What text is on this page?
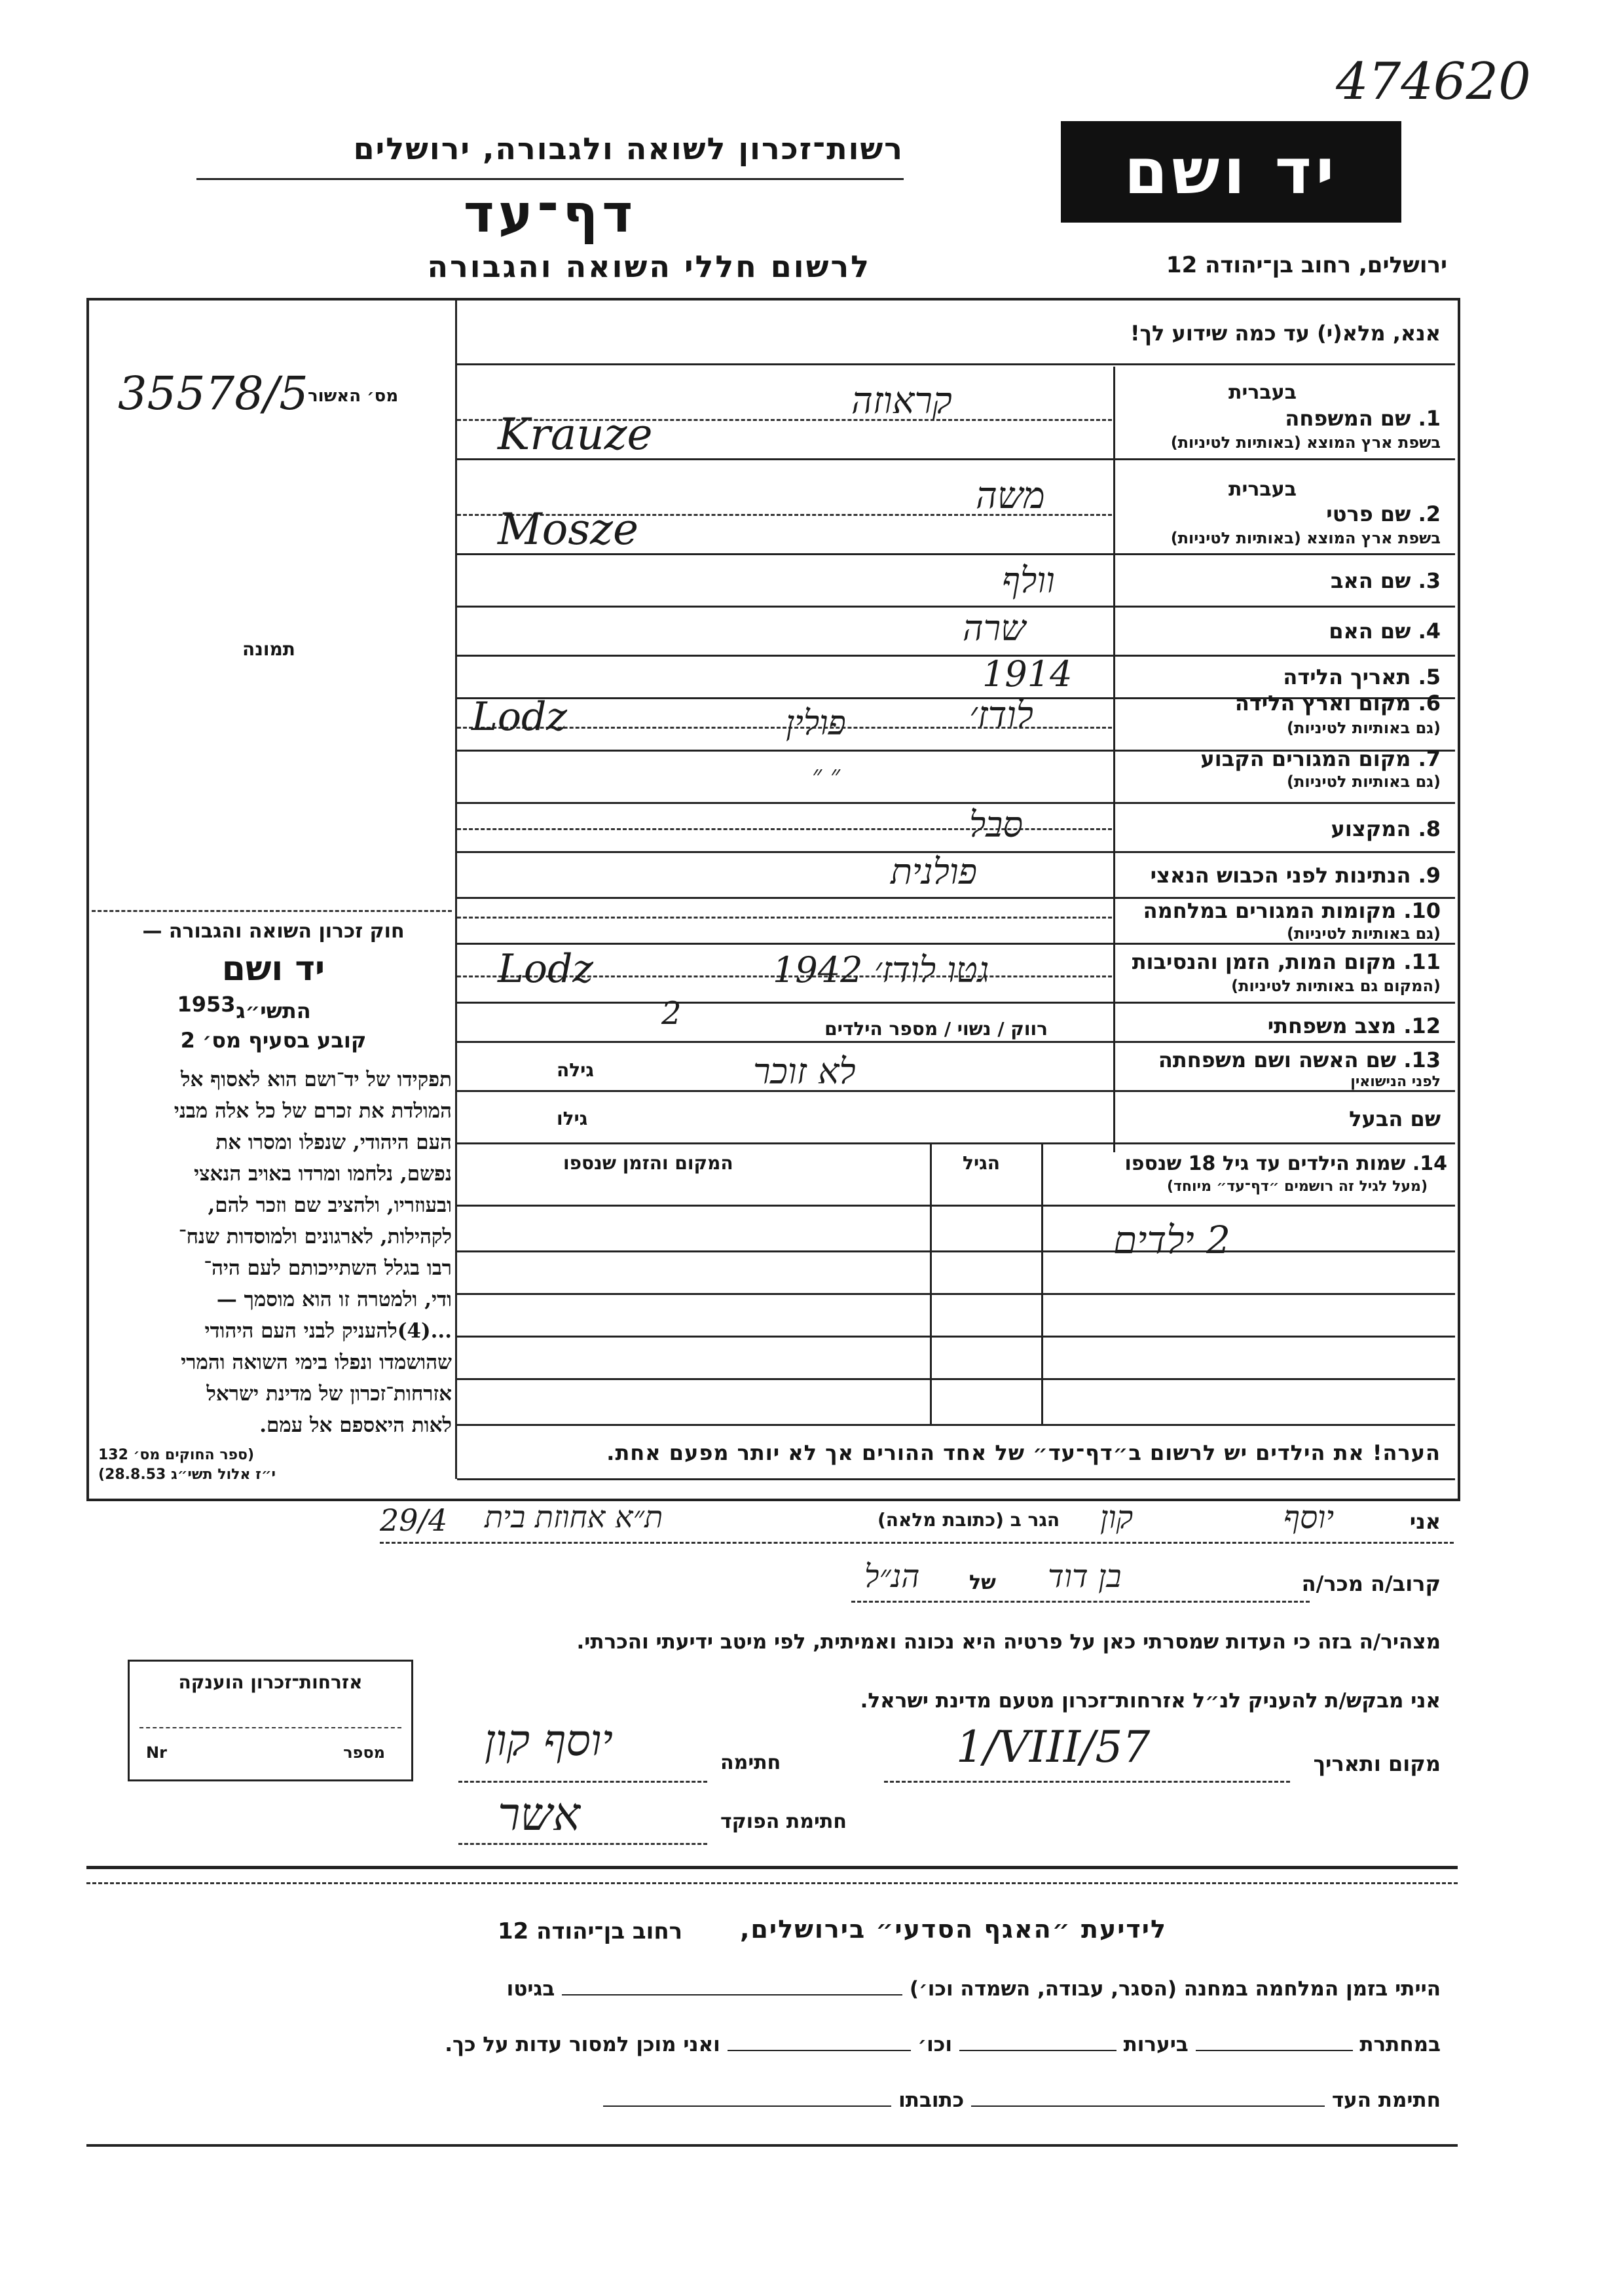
474620
רשות־זכרון לשואה ולגבורה, ירושלים
דף־עד
לרשום חללי השואה והגבורה
יד ושם
ירושלים, רחוב בן־יהודה 12
אנא, מלא(י) עד כמה שידוע לך!
מס׳ האשור
35578/5
תמונה
חוק זכרון השואה והגבורה —
יד ושם
התשי״ג
1953
קובע בסעיף מס׳ 2
תפקידו של יד־ושם הוא לאסוף אל
המולדת את זכרם של כל אלה מבני
העם היהודי, שנפלו ומסרו את
נפשם, נלחמו ומרדו באויב הנאצי
ובעוזריו, ולהציב שם וזכר להם,
לקהילות, לארגונים ולמוסדות שנח־
רבו בגלל השתייכותם לעם היה־
ודי, ולמטרה זו הוא מוסמך —
...(4)להעניק לבני העם היהודי
שהושמדו ונפלו בימי השואה והמרי
אזרחות־זכרון של מדינת ישראל
לאות היאספם אל עמם.
(ספר החוקים מס׳ 132
י״ז אלול תשי״ג 28.8.53)
בעברית
1. שם המשפחה
בשפת ארץ המוצא (באותיות לטיניות)
קראוזה
Krauze
בעברית
2. שם פרטי
בשפת ארץ המוצא (באותיות לטיניות)
משה
Mosze
3. שם האב
וולף
4. שם האם
שרה
5. תאריך הלידה
1914
6. מקום וארץ הלידה
(גם באותיות לטיניות)
לודז׳
פולין
Lodz
7. מקום המגורים הקבוע
(גם באותיות לטיניות)
״ ״
8. המקצוע
סבל
9. הנתינות לפני הכבוש הנאצי
פולנית
10. מקומות המגורים במלחמה
(גם באותיות לטיניות)
11. מקום המות, הזמן והנסיבות
(המקום גם באותיות לטיניות)
גטו לודז׳ 1942
Lodz
12. מצב משפחתי
רווק / נשוי / מספר הילדים
2
13. שם האשה ושם משפחתה
לפני הנישואין
גילה	לא זוכר
שם הבעל
גילו
14. שמות הילדים עד גיל 18 שנספו
(מעל לגיל זה רושמים ״דף־עד״ מיוחד)
הגיל
המקום והזמן שנספו
2 ילדים
הערה! את הילדים יש לרשום ב״דף־עד״ של אחד ההורים אך לא יותר מפעם אחת.
אני
יוסף
קון
הגר ב (כתובת מלאה)
ת״א אחוזת בית
29/4
קרוב/ה מכר/ה
בן דוד
של
הנ״ל
מצהיר/ה בזה כי העדות שמסרתי כאן על פרטיה היא נכונה ואמיתית, לפי מיטב ידיעתי והכרתי.
אזרחות־זכרון הוענקה
מספר
Nr
אני מבקש/ת להעניק לנ״ל אזרחות־זכרון מטעם מדינת ישראל.
מקום ותאריך
1/VIII/57
חתימה
יוסף קון
חתימת הפוקד
אשר
לידיעת ״האגף הסדעי״ בירושלים,
רחוב בן־יהודה 12
הייתי בזמן המלחמה במחנה (הסגר, עבודה, השמדה וכו׳)  בגיטו
במחתרת  ביערות  וכו׳  ואני מוכן למסור עדות על כך.
חתימת העד  כתובתו
